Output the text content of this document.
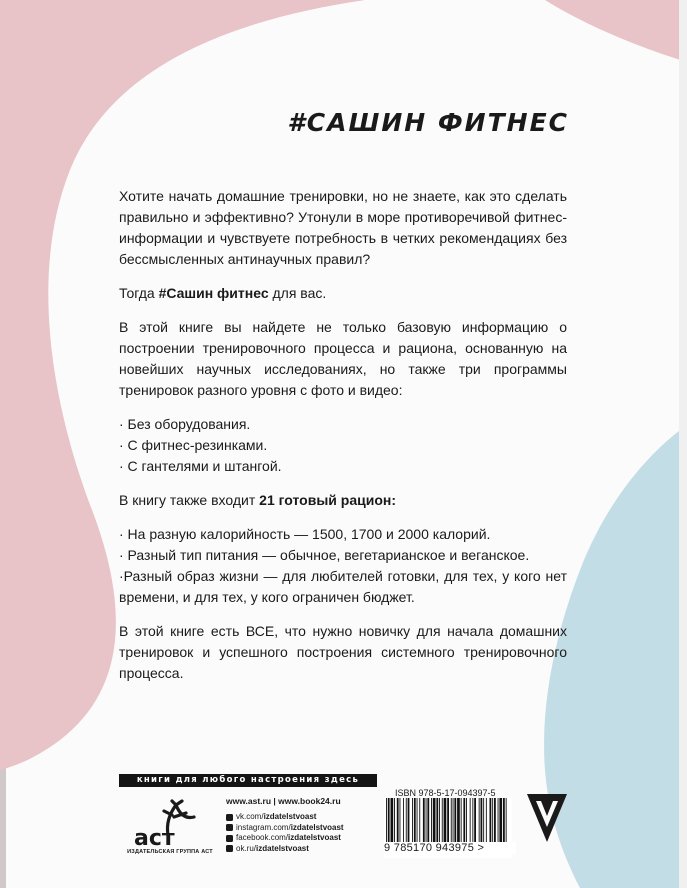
#САШИН ФИТНЕС

Хотите начать домашние тренировки, но не знаете, как это сделать правильно и эффективно? Утонули в море противоречивой фитнес-информации и чувствуете потребность в четких рекомендациях без бессмысленных антинаучных правил?

Тогда #Сашин фитнес для вас.

В этой книге вы найдете не только базовую информацию о построении тренировочного процесса и рациона, основанную на новейших научных исследованиях, но также три программы тренировок разного уровня с фото и видео:

· Без оборудования.
· С фитнес-резинками.
· С гантелями и штангой.

В книгу также входит 21 готовый рацион:

· На разную калорийность — 1500, 1700 и 2000 калорий.
· Разный тип питания — обычное, вегетарианское и веганское.
·Разный образ жизни — для любителей готовки, для тех, у кого нет времени, и для тех, у кого ограничен бюджет.

В этой книге есть ВСЕ, что нужно новичку для начала домашних тренировок и успешного построения системного тренировочного процесса.

книги для любого настроения здесь
аст
ИЗДАТЕЛЬСКАЯ ГРУППА АСТ
www.ast.ru | www.book24.ru
vk.com/izdatelstvoast
instagram.com/izdatelstvoast
facebook.com/izdatelstvoast
ok.ru/izdatelstvoast
ISBN 978-5-17-094397-5
9 785170 943975 >
